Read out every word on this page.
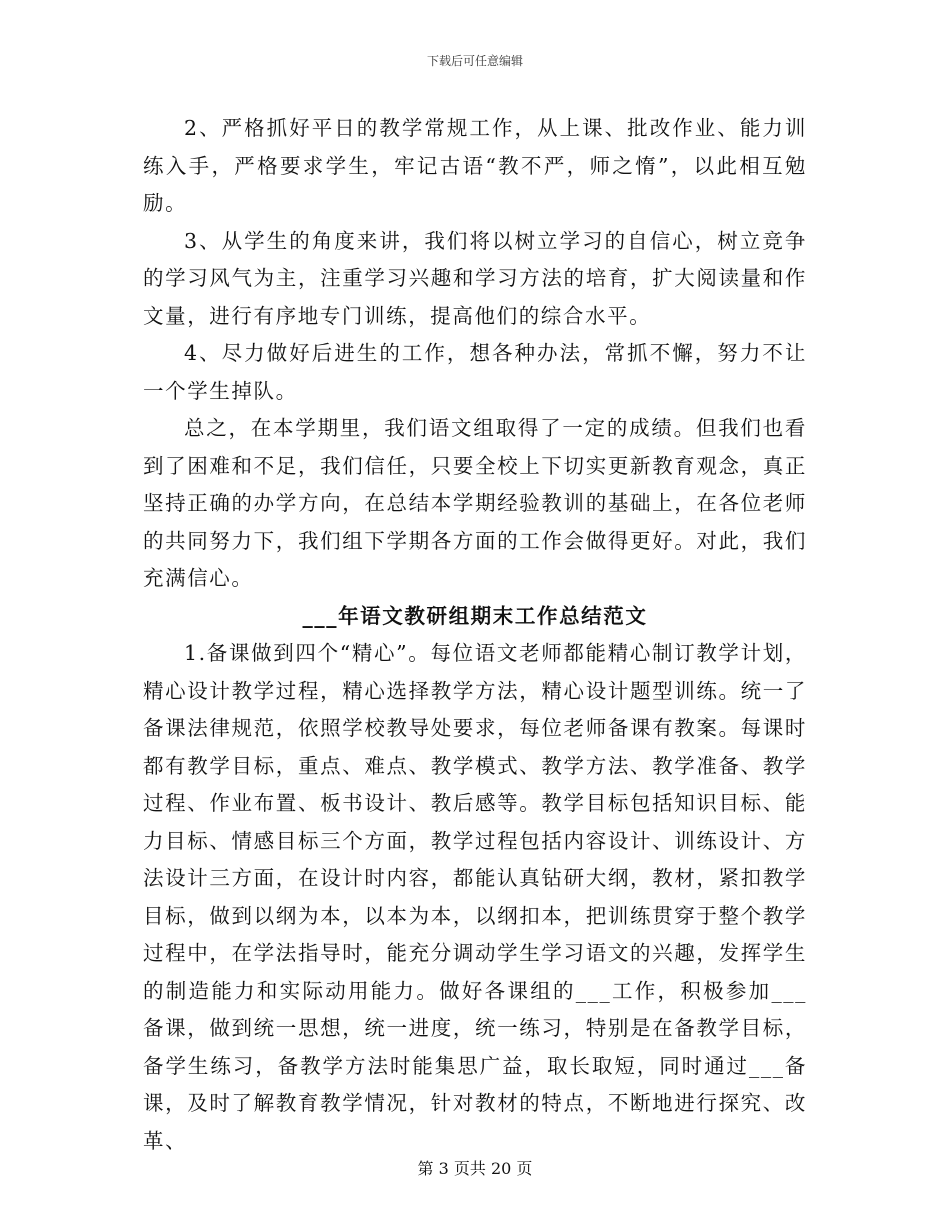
下载后可任意编辑

2、严格抓好平日的教学常规工作，从上课、批改作业、能力训练入手，严格要求学生，牢记古语“教不严，师之惰”，以此相互勉励。

3、从学生的角度来讲，我们将以树立学习的自信心，树立竞争的学习风气为主，注重学习兴趣和学习方法的培育，扩大阅读量和作文量，进行有序地专门训练，提高他们的综合水平。

4、尽力做好后进生的工作，想各种办法，常抓不懈，努力不让一个学生掉队。

总之，在本学期里，我们语文组取得了一定的成绩。但我们也看到了困难和不足，我们信任，只要全校上下切实更新教育观念，真正坚持正确的办学方向，在总结本学期经验教训的基础上，在各位老师的共同努力下，我们组下学期各方面的工作会做得更好。对此，我们充满信心。

___年语文教研组期末工作总结范文

1.备课做到四个“精心”。每位语文老师都能精心制订教学计划，精心设计教学过程，精心选择教学方法，精心设计题型训练。统一了备课法律规范，依照学校教导处要求，每位老师备课有教案。每课时都有教学目标，重点、难点、教学模式、教学方法、教学准备、教学过程、作业布置、板书设计、教后感等。教学目标包括知识目标、能力目标、情感目标三个方面，教学过程包括内容设计、训练设计、方法设计三方面，在设计时内容，都能认真钻研大纲，教材，紧扣教学目标，做到以纲为本，以本为本，以纲扣本，把训练贯穿于整个教学过程中，在学法指导时，能充分调动学生学习语文的兴趣，发挥学生的制造能力和实际动用能力。做好各课组的___工作，积极参加___备课，做到统一思想，统一进度，统一练习，特别是在备教学目标，备学生练习，备教学方法时能集思广益，取长取短，同时通过___备课，及时了解教育教学情况，针对教材的特点，不断地进行探究、改革、

第 3 页共 20 页
